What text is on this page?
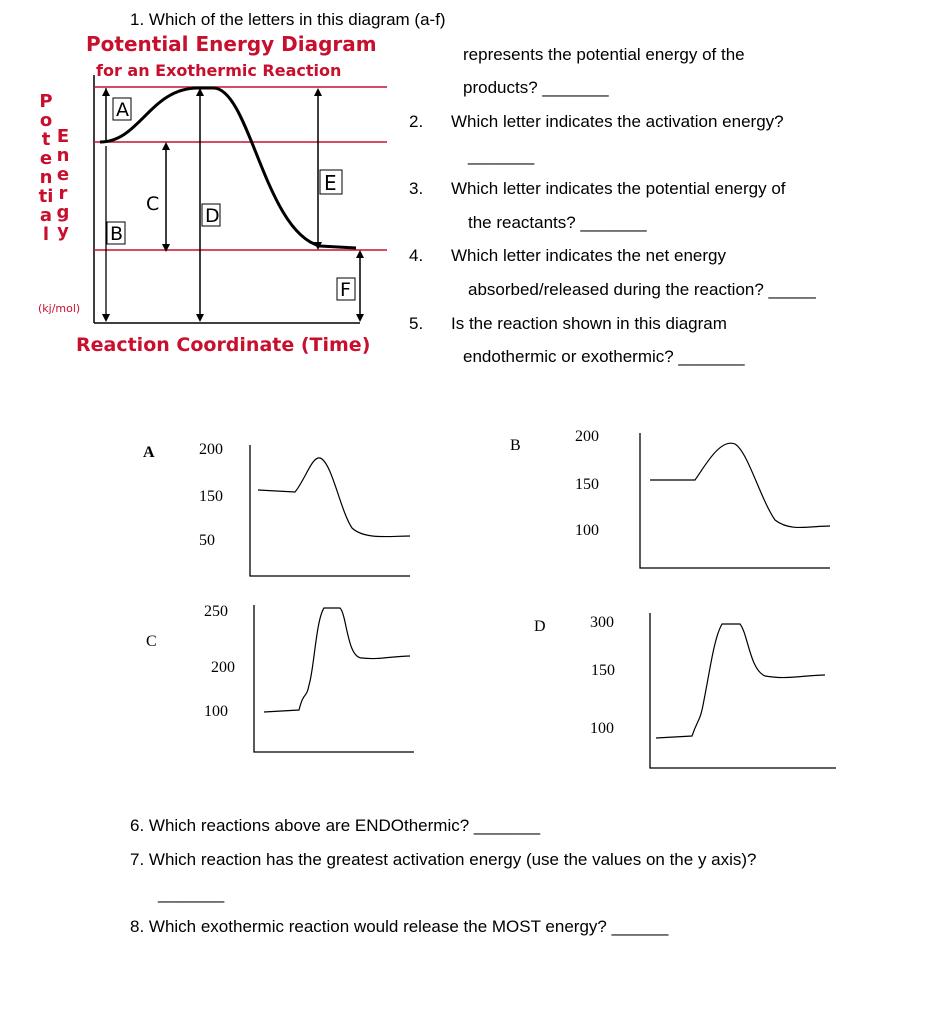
1. Which of the letters in this diagram (a-f)
represents the potential energy of the
products? _______
2. Which letter indicates the activation energy?
_______
3. Which letter indicates the potential energy of
the reactants? _______
4. Which letter indicates the net energy
absorbed/released during the reaction? _____
5. Is the reaction shown in this diagram
endothermic or exothermic? _______
Potential Energy Diagram
for an Exothermic Reaction
Reaction Coordinate (Time)
Potential
Energy
(kj/mol)
A
B
C
D
E
F
A	200
150
50
B
200
150
100
C
250
200
100
D	300
150
100
6. Which reactions above are ENDOthermic? _______
7. Which reaction has the greatest activation energy (use the values on the y axis)?
_______
8. Which exothermic reaction would release the MOST energy? ______
